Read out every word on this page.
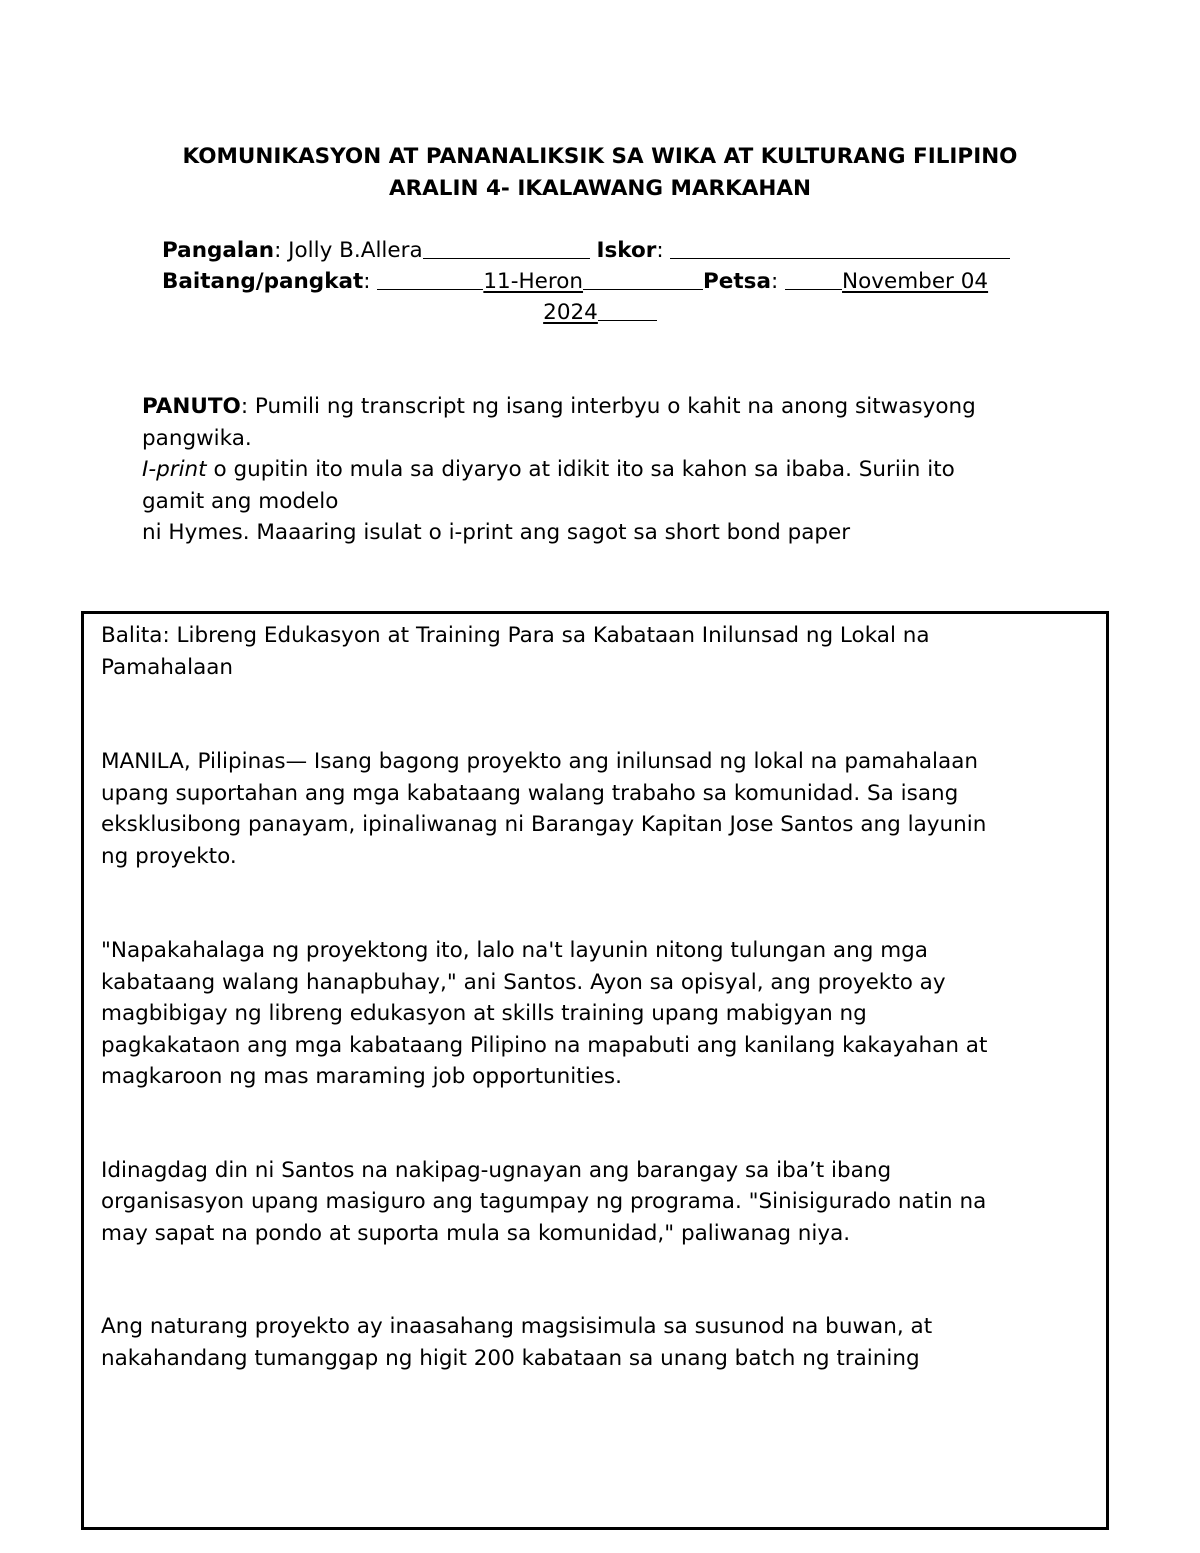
KOMUNIKASYON AT PANANALIKSIK SA WIKA AT KULTURANG FILIPINO
ARALIN 4- IKALAWANG MARKAHAN
Pangalan: Jolly B.Allera	Iskor:
Baitang/pangkat:	11-Heron	Petsa:	November 04
2024

PANUTO: Pumili ng transcript ng isang interbyu o kahit na anong sitwasyong

pangwika.

I-print o gupitin ito mula sa diyaryo at idikit ito sa kahon sa ibaba. Suriin ito

gamit ang modelo

ni Hymes. Maaaring isulat o i-print ang sagot sa short bond paper

Balita: Libreng Edukasyon at Training Para sa Kabataan Inilunsad ng Lokal na

Pamahalaan

MANILA, Pilipinas— Isang bagong proyekto ang inilunsad ng lokal na pamahalaan

upang suportahan ang mga kabataang walang trabaho sa komunidad. Sa isang

eksklusibong panayam, ipinaliwanag ni Barangay Kapitan Jose Santos ang layunin

ng proyekto.

"Napakahalaga ng proyektong ito, lalo na't layunin nitong tulungan ang mga

kabataang walang hanapbuhay," ani Santos. Ayon sa opisyal, ang proyekto ay

magbibigay ng libreng edukasyon at skills training upang mabigyan ng

pagkakataon ang mga kabataang Pilipino na mapabuti ang kanilang kakayahan at

magkaroon ng mas maraming job opportunities.

Idinagdag din ni Santos na nakipag-ugnayan ang barangay sa iba’t ibang

organisasyon upang masiguro ang tagumpay ng programa. "Sinisigurado natin na

may sapat na pondo at suporta mula sa komunidad," paliwanag niya.

Ang naturang proyekto ay inaasahang magsisimula sa susunod na buwan, at

nakahandang tumanggap ng higit 200 kabataan sa unang batch ng training
